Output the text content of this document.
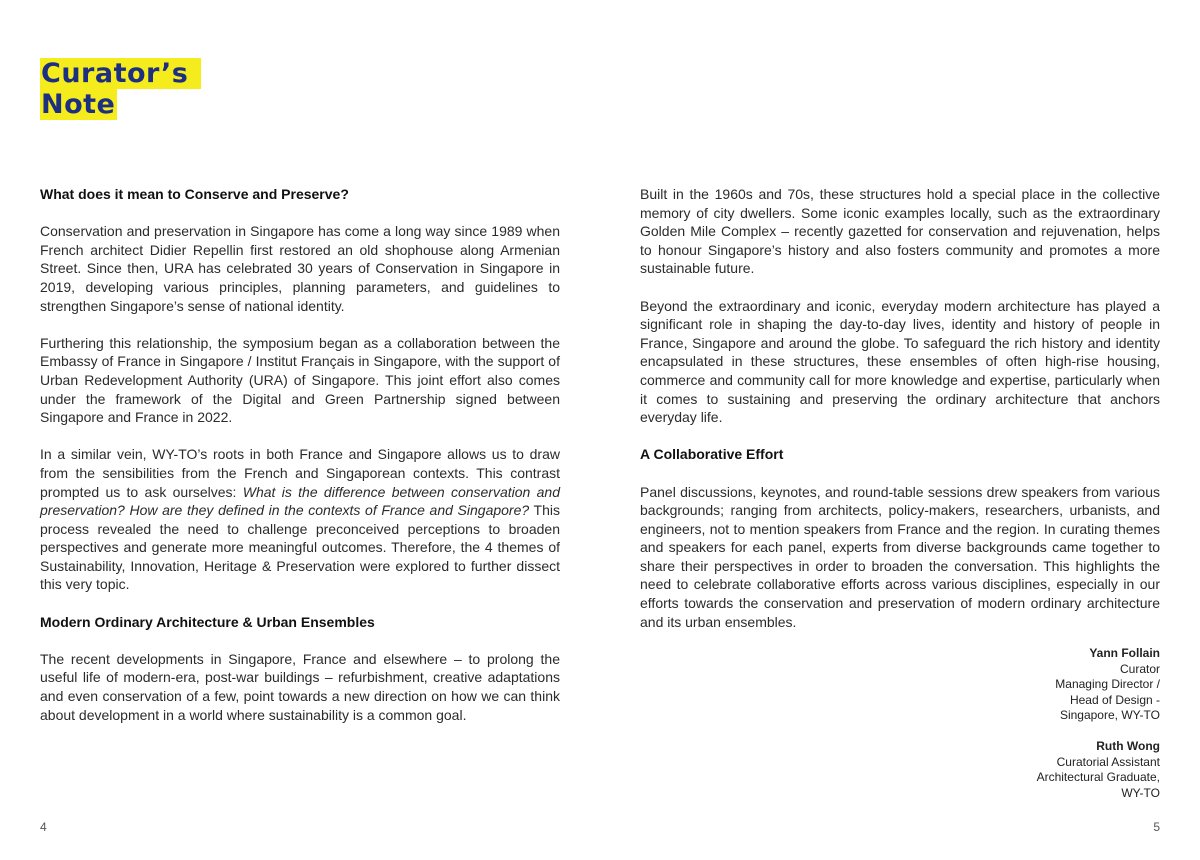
Curator’s
Note
What does it mean to Conserve and Preserve?

Conservation and preservation in Singapore has come a long way since 1989 when French architect Didier Repellin first restored an old shophouse along Armenian Street. Since then, URA has celebrated 30 years of Conservation in Singapore in 2019, developing various principles, planning parameters, and guidelines to strengthen Singapore’s sense of national identity.

Furthering this relationship, the symposium began as a collaboration between the Embassy of France in Singapore / Institut Français in Singapore, with the support of Urban Redevelopment Authority (URA) of Singapore. This joint effort also comes under the framework of the Digital and Green Partnership signed between Singapore and France in 2022.

In a similar vein, WY-TO’s roots in both France and Singapore allows us to draw from the sensibilities from the French and Singaporean contexts. This contrast prompted us to ask ourselves: What is the difference between conservation and preservation? How are they defined in the contexts of France and Singapore? This process revealed the need to challenge preconceived perceptions to broaden perspectives and generate more meaningful outcomes. Therefore, the 4 themes of Sustainability, Innovation, Heritage & Preservation were explored to further dissect this very topic.

Modern Ordinary Architecture & Urban Ensembles

The recent developments in Singapore, France and elsewhere – to prolong the useful life of modern-era, post-war buildings – refurbishment, creative adaptations and even conservation of a few, point towards a new direction on how we can think about development in a world where sustainability is a common goal.

Built in the 1960s and 70s, these structures hold a special place in the collective memory of city dwellers. Some iconic examples locally, such as the extraordinary Golden Mile Complex – recently gazetted for conservation and rejuvenation, helps to honour Singapore’s history and also fosters community and promotes a more sustainable future.

Beyond the extraordinary and iconic, everyday modern architecture has played a significant role in shaping the day-to-day lives, identity and history of people in France, Singapore and around the globe. To safeguard the rich history and identity encapsulated in these structures, these ensembles of often high-rise housing, commerce and community call for more knowledge and expertise, particularly when it comes to sustaining and preserving the ordinary architecture that anchors everyday life.

A Collaborative Effort

Panel discussions, keynotes, and round-table sessions drew speakers from various backgrounds; ranging from architects, policy-makers, researchers, urbanists, and engineers, not to mention speakers from France and the region. In curating themes and speakers for each panel, experts from diverse backgrounds came together to share their perspectives in order to broaden the conversation. This highlights the need to celebrate collaborative efforts across various disciplines, especially in our efforts towards the conservation and preservation of modern ordinary architecture and its urban ensembles.

Yann Follain
Curator
Managing Director /
Head of Design -
Singapore, WY-TO
Ruth Wong
Curatorial Assistant
Architectural Graduate,
WY-TO
4	5
